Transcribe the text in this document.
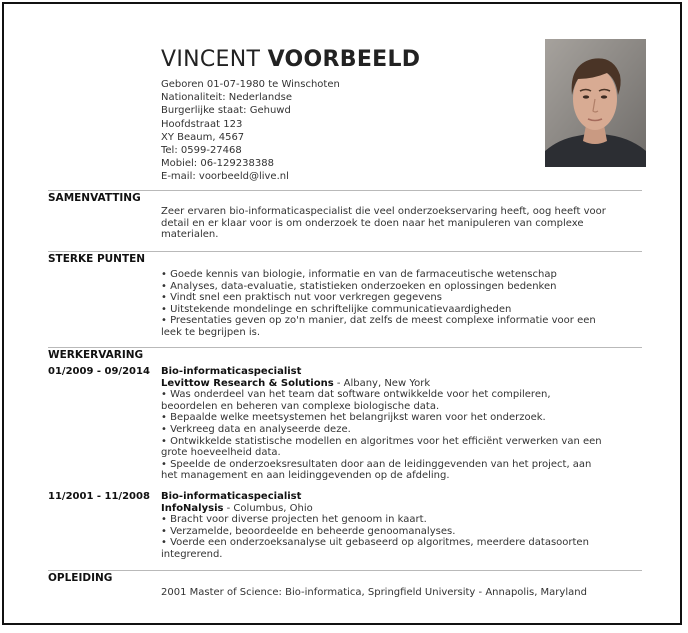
VINCENT VOORBEELD
Geboren 01-07-1980 te Winschoten
Nationaliteit: Nederlandse
Burgerlijke staat: Gehuwd
Hoofdstraat 123
XY Beaum, 4567
Tel: 0599-27468
Mobiel: 06-129238388
E-mail: voorbeeld@live.nl
SAMENVATTING
Zeer ervaren bio-informaticaspecialist die veel onderzoekservaring heeft, oog heeft voor
detail en er klaar voor is om onderzoek te doen naar het manipuleren van complexe
materialen.
STERKE PUNTEN
• Goede kennis van biologie, informatie en van de farmaceutische wetenschap
• Analyses, data-evaluatie, statistieken onderzoeken en oplossingen bedenken
• Vindt snel een praktisch nut voor verkregen gegevens
• Uitstekende mondelinge en schriftelijke communicatievaardigheden
• Presentaties geven op zo'n manier, dat zelfs de meest complexe informatie voor een
leek te begrijpen is.
WERKERVARING
01/2009 - 09/2014 Bio-informaticaspecialist
Levittow Research & Solutions - Albany, New York
• Was onderdeel van het team dat software ontwikkelde voor het compileren,
beoordelen en beheren van complexe biologische data.
• Bepaalde welke meetsystemen het belangrijkst waren voor het onderzoek.
• Verkreeg data en analyseerde deze.
• Ontwikkelde statistische modellen en algoritmes voor het efficiënt verwerken van een
grote hoeveelheid data.
• Speelde de onderzoeksresultaten door aan de leidinggevenden van het project, aan
het management en aan leidinggevenden op de afdeling.
11/2001 - 11/2008 Bio-informaticaspecialist
InfoNalysis - Columbus, Ohio
• Bracht voor diverse projecten het genoom in kaart.
• Verzamelde, beoordeelde en beheerde genoomanalyses.
• Voerde een onderzoeksanalyse uit gebaseerd op algoritmes, meerdere datasoorten
integrerend.
OPLEIDING
2001 Master of Science: Bio-informatica, Springfield University - Annapolis, Maryland
